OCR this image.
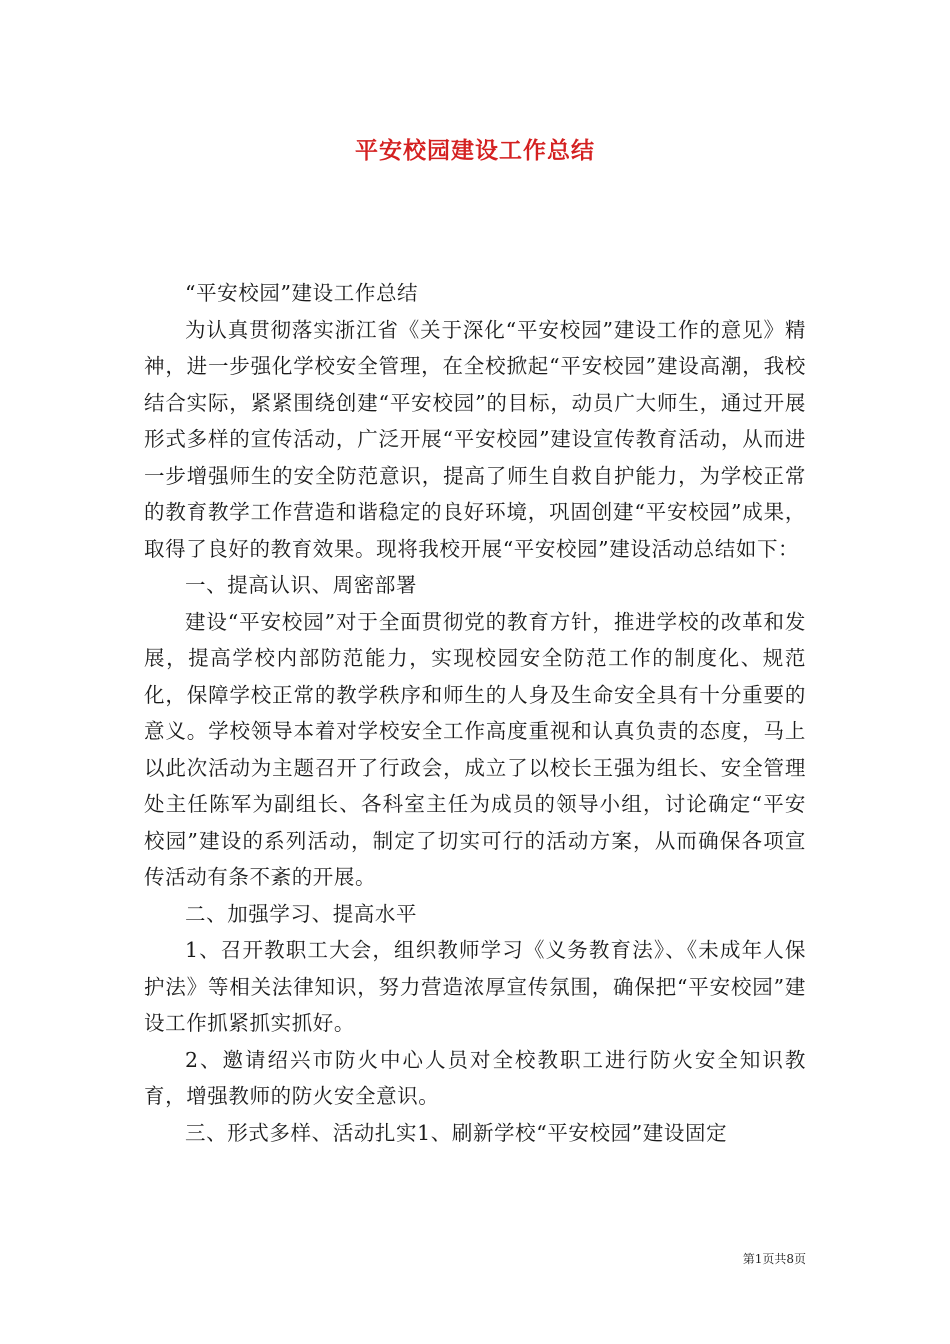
平安校园建设工作总结

“平安校园”建设工作总结

为认真贯彻落实浙江省《关于深化“平安校园”建设工作的意见》精神，进一步强化学校安全管理，在全校掀起“平安校园”建设高潮，我校结合实际，紧紧围绕创建“平安校园”的目标，动员广大师生，通过开展形式多样的宣传活动，广泛开展“平安校园”建设宣传教育活动，从而进一步增强师生的安全防范意识，提高了师生自救自护能力，为学校正常的教育教学工作营造和谐稳定的良好环境，巩固创建“平安校园”成果，取得了良好的教育效果。现将我校开展“平安校园”建设活动总结如下：

一、提高认识、周密部署

建设“平安校园”对于全面贯彻党的教育方针，推进学校的改革和发展，提高学校内部防范能力，实现校园安全防范工作的制度化、规范化，保障学校正常的教学秩序和师生的人身及生命安全具有十分重要的意义。学校领导本着对学校安全工作高度重视和认真负责的态度，马上以此次活动为主题召开了行政会，成立了以校长王强为组长、安全管理处主任陈军为副组长、各科室主任为成员的领导小组，讨论确定“平安校园”建设的系列活动，制定了切实可行的活动方案，从而确保各项宣传活动有条不紊的开展。

二、加强学习、提高水平

1、召开教职工大会，组织教师学习《义务教育法》、《未成年人保护法》等相关法律知识，努力营造浓厚宣传氛围，确保把“平安校园”建设工作抓紧抓实抓好。

2、邀请绍兴市防火中心人员对全校教职工进行防火安全知识教育，增强教师的防火安全意识。

三、形式多样、活动扎实1、刷新学校“平安校园”建设固定

第1页共8页
